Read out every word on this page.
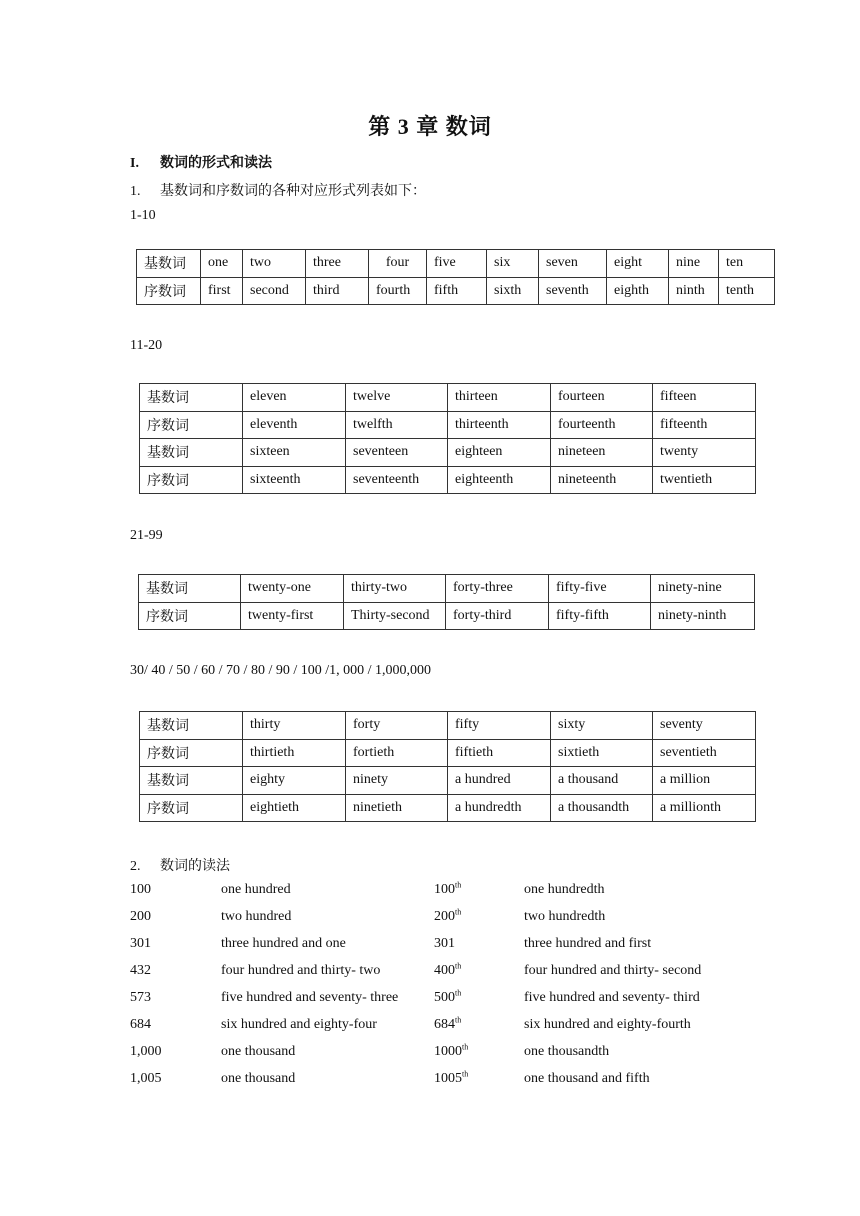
第 3 章 数词
I. 数词的形式和读法
1. 基数词和序数词的各种对应形式列表如下：
1-10
基数词	one	two	three	four	five	six	seven	eight	nine	ten
序数词	first	second	third	fourth	fifth	sixth	seventh	eighth	ninth	tenth
11-20
基数词	eleven	twelve	thirteen	fourteen	fifteen
序数词	eleventh	twelfth	thirteenth	fourteenth	fifteenth
基数词	sixteen	seventeen	eighteen	nineteen	twenty
序数词	sixteenth	seventeenth	eighteenth	nineteenth	twentieth
21-99
基数词	twenty-one	thirty-two	forty-three	fifty-five	ninety-nine
序数词	twenty-first	Thirty-second	forty-third	fifty-fifth	ninety-ninth
30/ 40 / 50 / 60 / 70 / 80 / 90 / 100 /1, 000 / 1,000,000
基数词	thirty	forty	fifty	sixty	seventy
序数词	thirtieth	fortieth	fiftieth	sixtieth	seventieth
基数词	eighty	ninety	a hundred	a thousand	a million
序数词	eightieth	ninetieth	a hundredth	a thousandth	a millionth
2. 数词的读法
100	one hundred	100th	one hundredth
200	two hundred	200th	two hundredth
301	three hundred and one	301	three hundred and first
432	four hundred and thirty- two	400th	four hundred and thirty- second
573	five hundred and seventy- three	500th	five hundred and seventy- third
684	six hundred and eighty-four	684th	six hundred and eighty-fourth
1,000	one thousand	1000th	one thousandth
1,005	one thousand	1005th	one thousand and fifth
